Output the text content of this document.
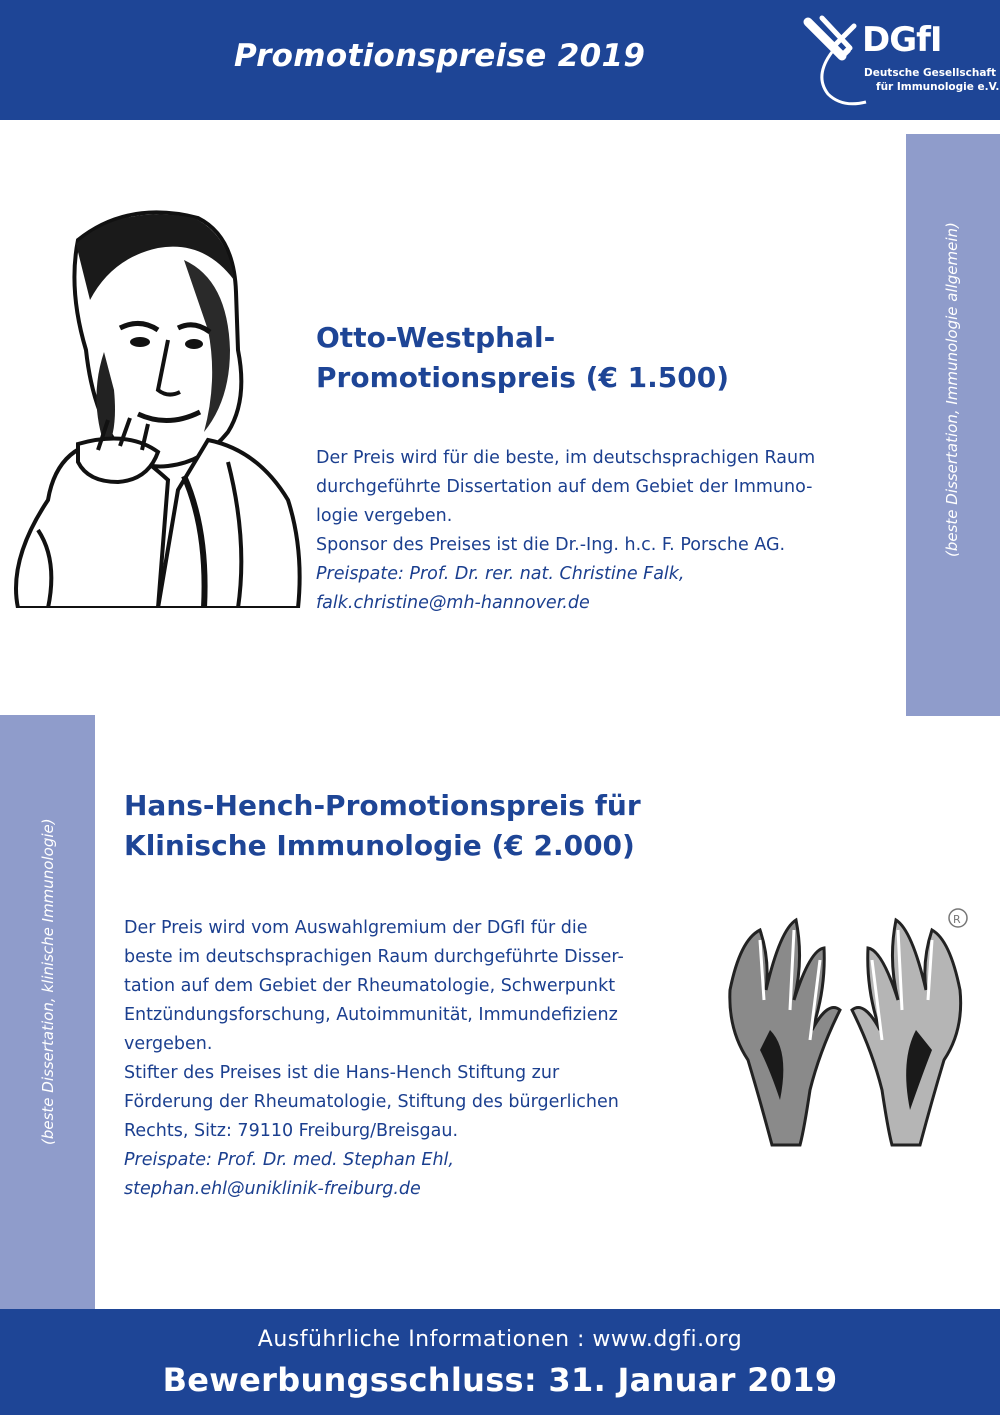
Promotionspreise 2019	DGfI
Deutsche Gesellschaft
für Immunologie e.V.
(beste Dissertation, Immunologie allgemein)
(beste Dissertation, klinische Immunologie)
Otto-Westphal-
Promotionspreis (€ 1.500)

Der Preis wird für die beste, im deutschsprachigen Raum

durchgeführte Dissertation auf dem Gebiet der Immuno-

logie vergeben.

Sponsor des Preises ist die Dr.-Ing. h.c. F. Porsche AG.

Preispate: Prof. Dr. rer. nat. Christine Falk,

falk.christine@mh-hannover.de

Hans-Hench-Promotionspreis für
Klinische Immunologie (€ 2.000)

Der Preis wird vom Auswahlgremium der DGfI für die

beste im deutschsprachigen Raum durchgeführte Disser-

tation auf dem Gebiet der Rheumatologie, Schwerpunkt

Entzündungsforschung, Autoimmunität, Immundefizienz

vergeben.

Stifter des Preises ist die Hans-Hench Stiftung zur

Förderung der Rheumatologie, Stiftung des bürgerlichen

Rechts, Sitz: 79110 Freiburg/Breisgau.

Preispate: Prof. Dr. med. Stephan Ehl,

stephan.ehl@uniklinik-freiburg.de

R
Ausführliche Informationen : www.dgfi.org
Bewerbungsschluss: 31. Januar 2019
